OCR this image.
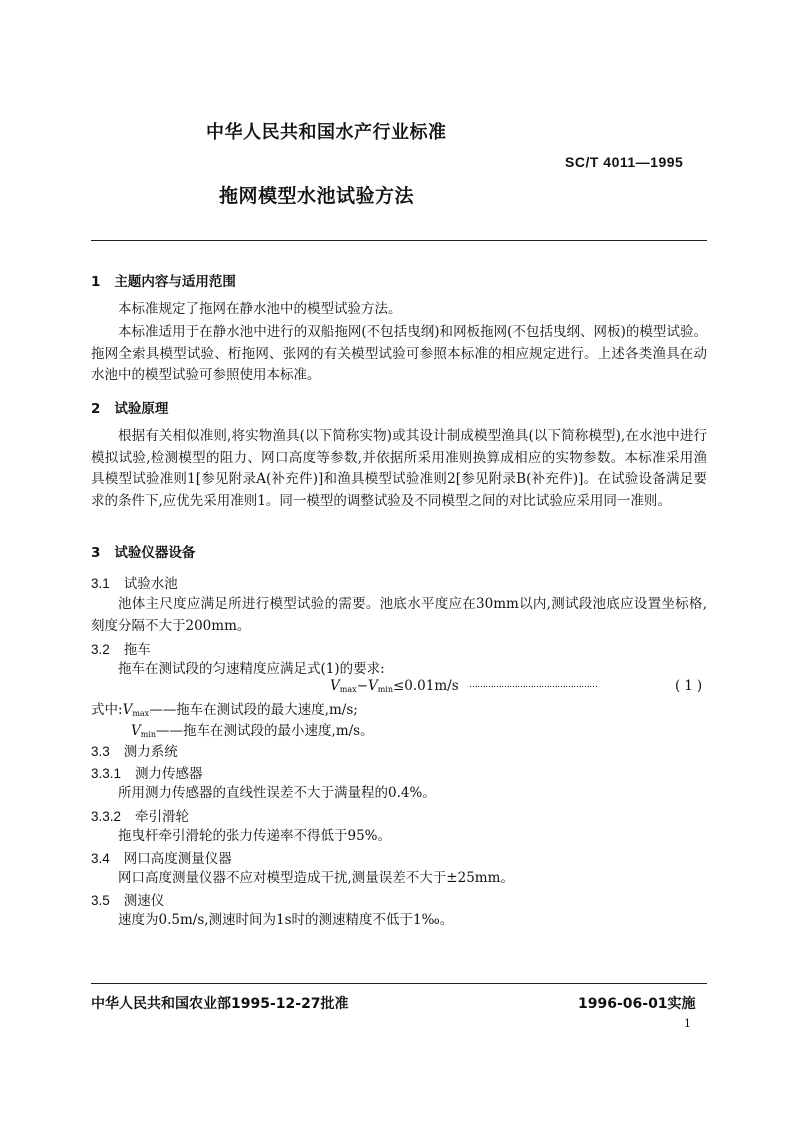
中华人民共和国水产行业标准
SC/T 4011—1995
拖网模型水池试验方法
1 主题内容与适用范围
本标准规定了拖网在静水池中的模型试验方法。
本标准适用于在静水池中进行的双船拖网(不包括曳纲)和网板拖网(不包括曳纲、网板)的模型试验。拖网全索具模型试验、桁拖网、张网的有关模型试验可参照本标准的相应规定进行。上述各类渔具在动水池中的模型试验可参照使用本标准。
2 试验原理
根据有关相似准则,将实物渔具(以下简称实物)或其设计制成模型渔具(以下简称模型),在水池中进行模拟试验,检测模型的阻力、网口高度等参数,并依据所采用准则换算成相应的实物参数。本标准采用渔具模型试验准则1[参见附录A(补充件)]和渔具模型试验准则2[参见附录B(补充件)]。在试验设备满足要求的条件下,应优先采用准则1。同一模型的调整试验及不同模型之间的对比试验应采用同一准则。
3 试验仪器设备
3.1 试验水池
池体主尺度应满足所进行模型试验的需要。池底水平度应在30mm以内,测试段池底应设置坐标格,刻度分隔不大于200mm。
3.2 拖车
拖车在测试段的匀速精度应满足式(1)的要求:
$V_{max}-V_{min}\le 0.01m/s$ …………………………………………	(1)
式中$:V_{max}——$拖车在测试段的最大速度,m/s;
$V_{min}——$拖车在测试段的最小速度,m/s。
3.3 测力系统
3.3.1 测力传感器
所用测力传感器的直线性误差不大于满量程的0.4%。
3.3.2 牵引滑轮
拖曳杆牵引滑轮的张力传递率不得低于95%。
3.4 网口高度测量仪器
网口高度测量仪器不应对模型造成干扰,测量误差不大于±25mm。
3.5 测速仪
速度为0.5m/s,测速时间为1s时的测速精度不低于1‰。
中华人民共和国农业部1995-12-27批准	1996-06-01实施
1
